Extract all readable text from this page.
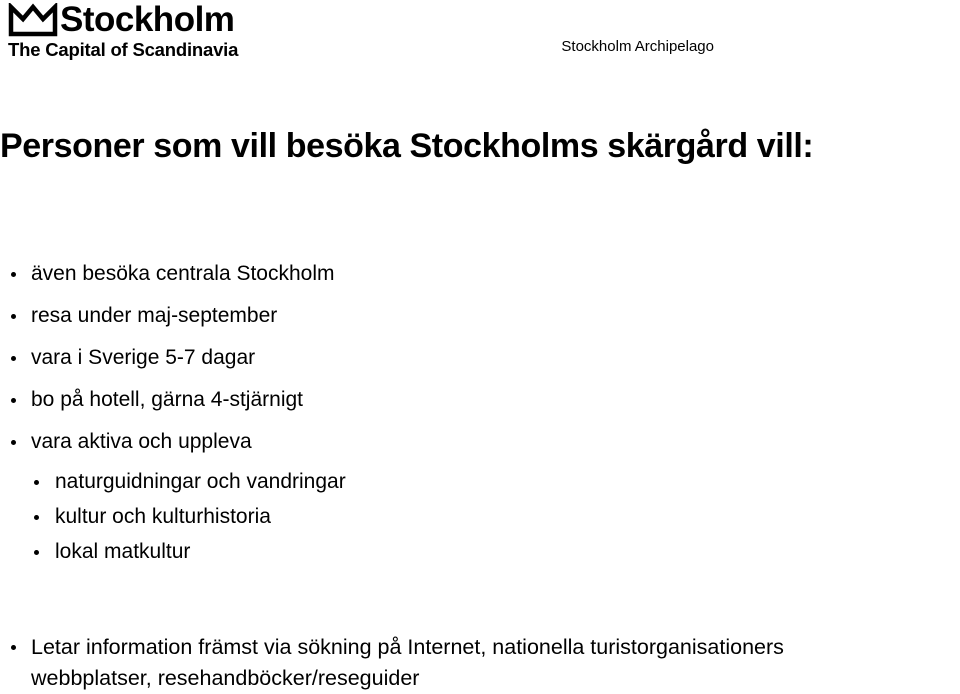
Stockholm
The Capital of Scandinavia	Stockholm Archipelago
Personer som vill besöka Stockholms skärgård vill:
även besöka centrala Stockholm
resa under maj-september
vara i Sverige 5-7 dagar
bo på hotell, gärna 4-stjärnigt
vara aktiva och uppleva
naturguidningar och vandringar
kultur och kulturhistoria
lokal matkultur
Letar information främst via sökning på Internet, nationella turistorganisationers
webbplatser, resehandböcker/reseguider
